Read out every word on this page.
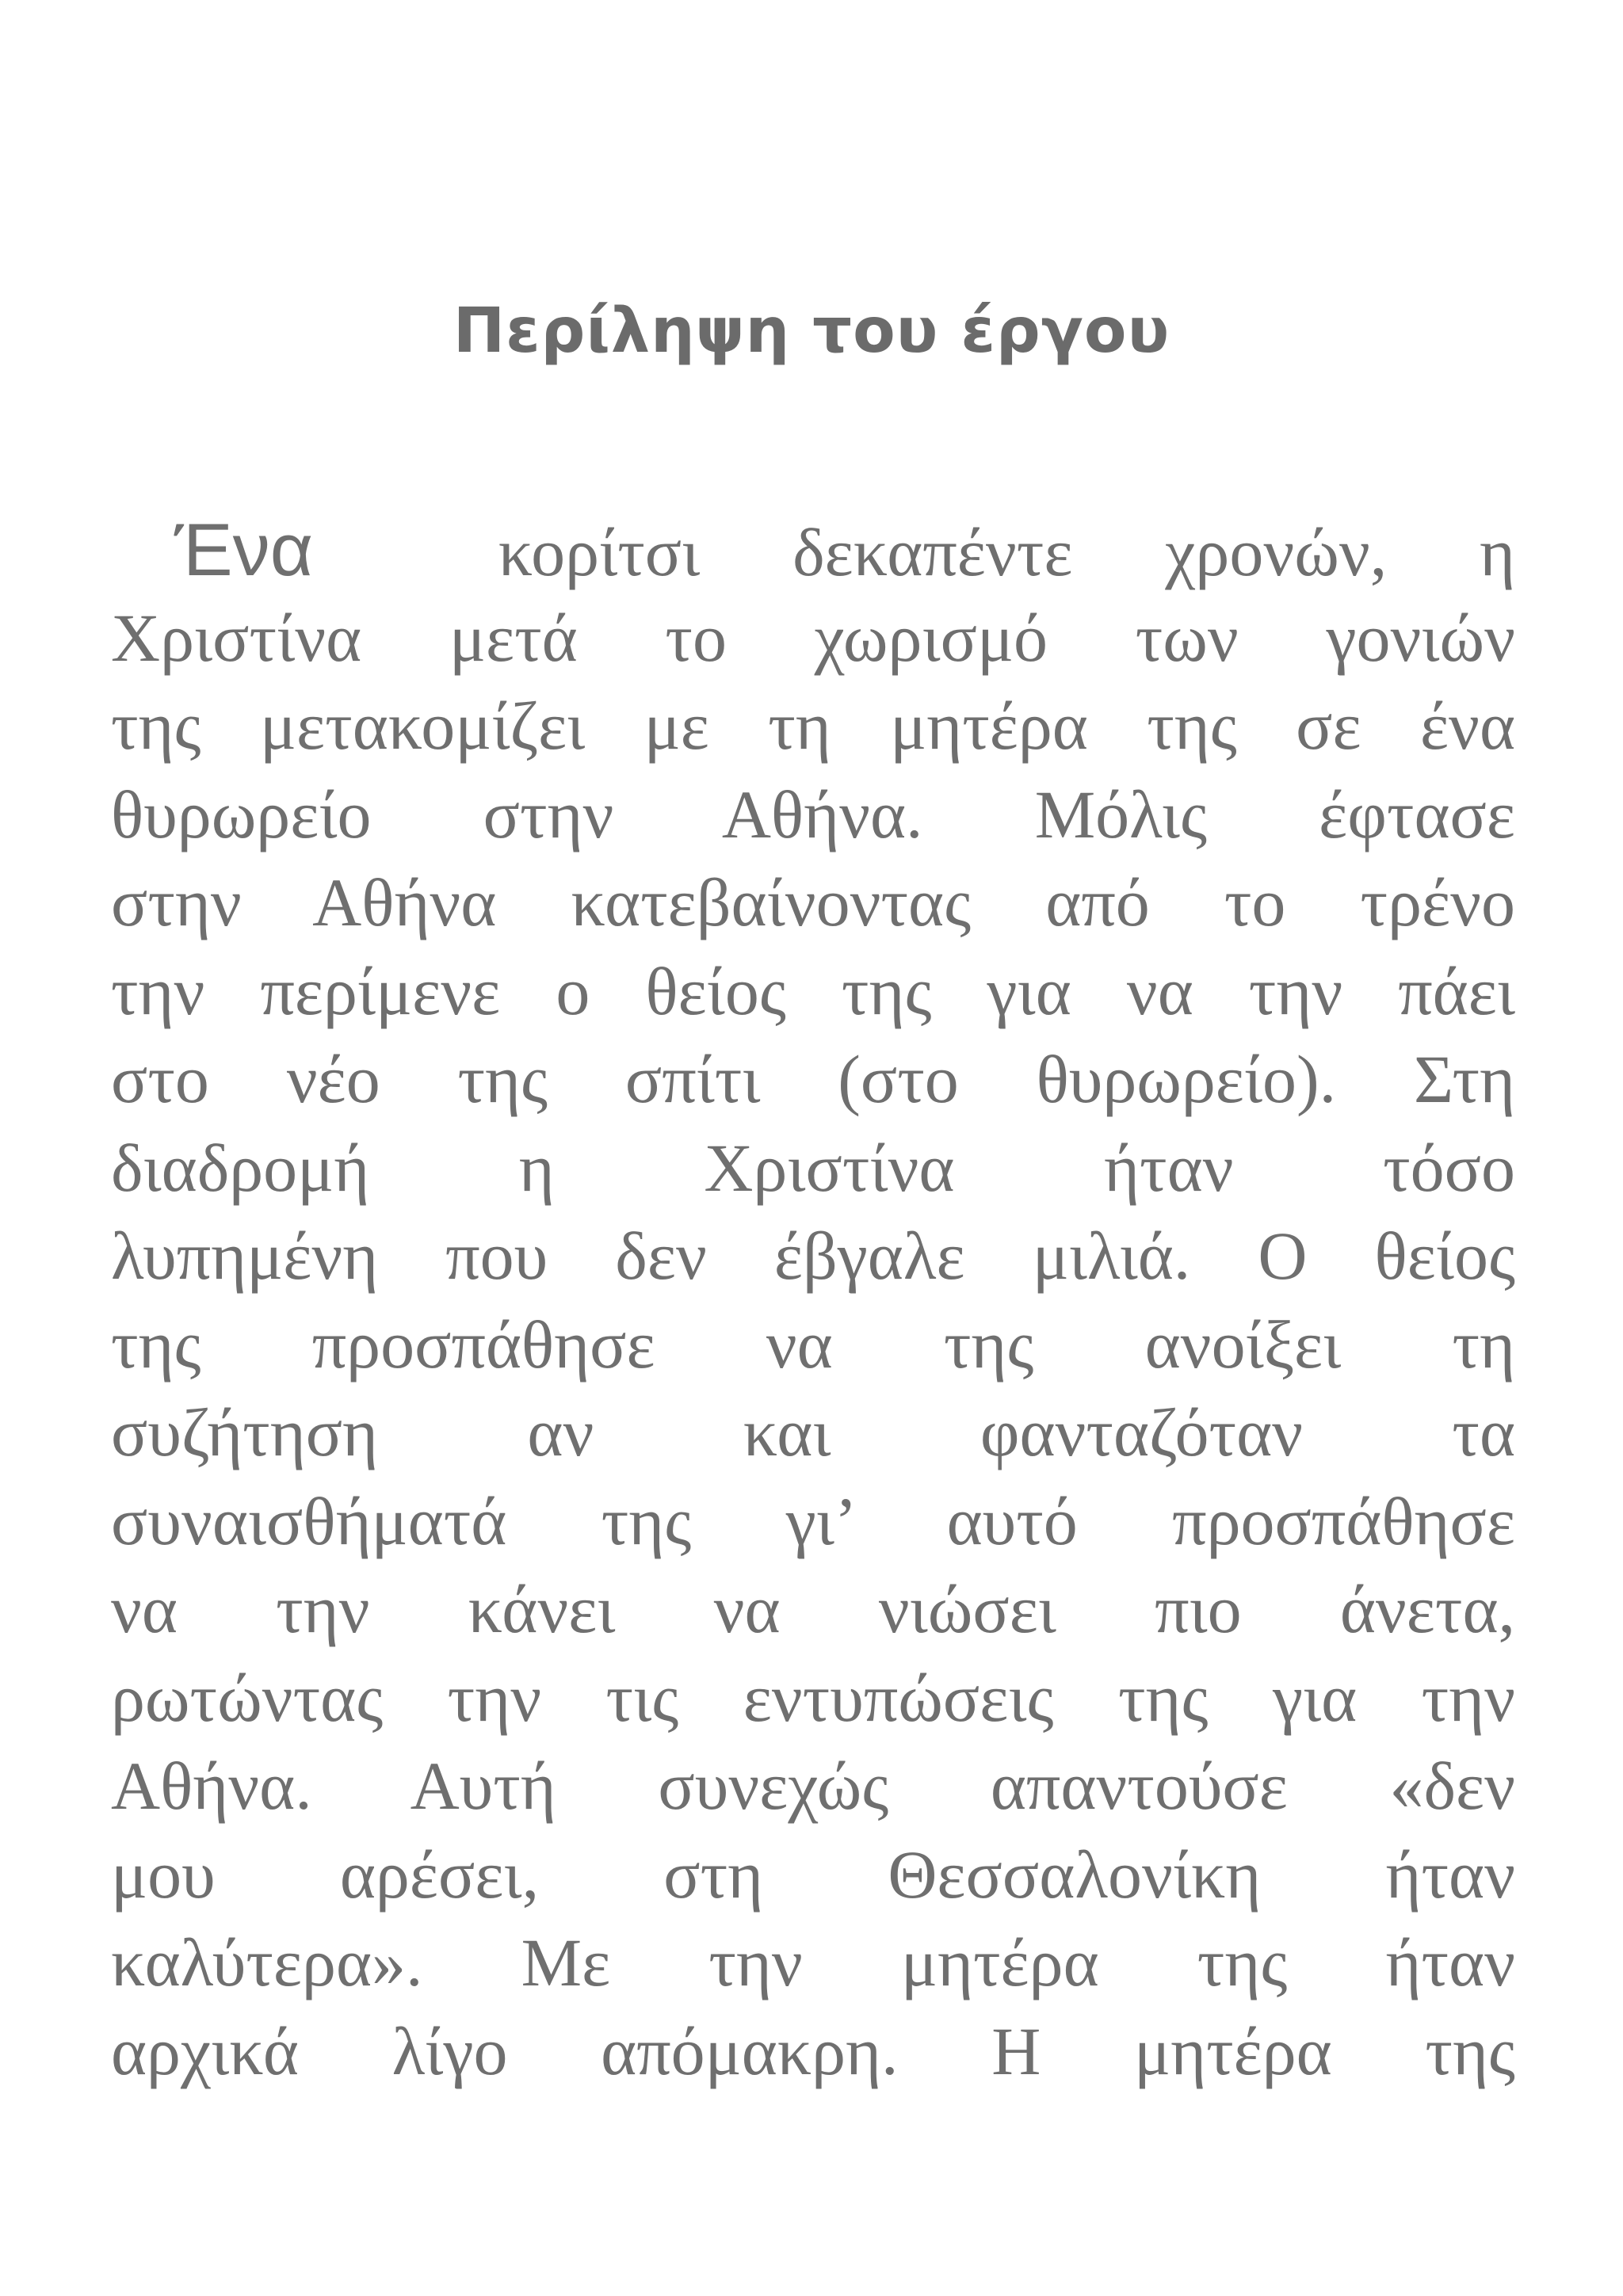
Περίληψη του έργου
Ένα	κορίτσι δεκαπέντε χρονών, η
Χριστίνα μετά το χωρισμό των γονιών
της μετακομίζει με τη μητέρα της σε ένα
θυρωρείο στην Αθήνα. Μόλις έφτασε
στην Αθήνα κατεβαίνοντας από το τρένο
την περίμενε ο θείος της για να την πάει
στο νέο της σπίτι (στο θυρωρείο). Στη
διαδρομή η Χριστίνα ήταν τόσο
λυπημένη που δεν έβγαλε μιλιά. Ο θείος
της προσπάθησε να της ανοίξει τη
συζήτηση αν και φανταζόταν τα
συναισθήματά της γι’ αυτό προσπάθησε
να την κάνει να νιώσει πιο άνετα,
ρωτώντας την τις εντυπώσεις της για την
Αθήνα. Αυτή συνεχώς απαντούσε «δεν
μου αρέσει, στη Θεσσαλονίκη ήταν
καλύτερα». Με την μητέρα της ήταν
αρχικά λίγο απόμακρη. Η μητέρα της
